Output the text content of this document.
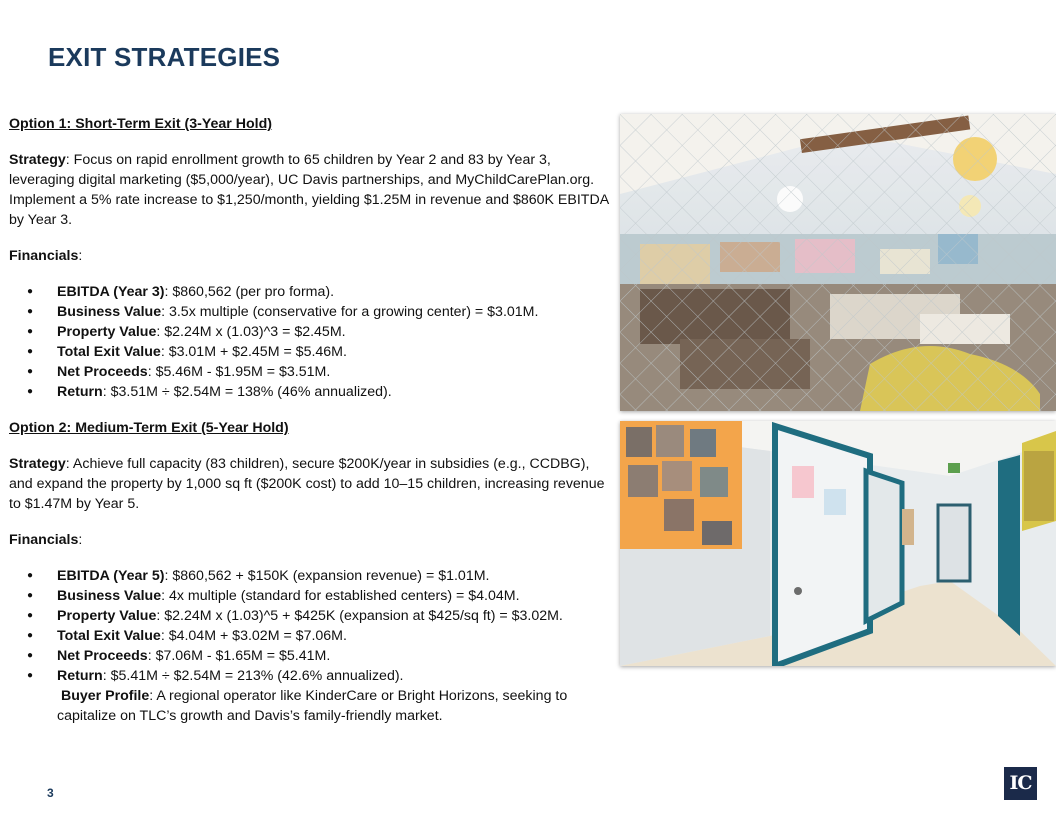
EXIT STRATEGIES

Option 1: Short-Term Exit (3-Year Hold)

Strategy: Focus on rapid enrollment growth to 65 children by Year 2 and 83 by Year 3, leveraging digital marketing ($5,000/year), UC Davis partnerships, and MyChildCarePlan.org. Implement a 5% rate increase to $1,250/month, yielding $1.25M in revenue and $860K EBITDA by Year 3.

Financials:

● EBITDA (Year 3): $860,562 (per pro forma).
● Business Value: 3.5x multiple (conservative for a growing center) = $3.01M.
● Property Value: $2.24M x (1.03)^3 = $2.45M.
● Total Exit Value: $3.01M + $2.45M = $5.46M.
● Net Proceeds: $5.46M - $1.95M = $3.51M.
● Return: $3.51M ÷ $2.54M = 138% (46% annualized).

Option 2: Medium-Term Exit (5-Year Hold)

Strategy: Achieve full capacity (83 children), secure $200K/year in subsidies (e.g., CCDBG), and expand the property by 1,000 sq ft ($200K cost) to add 10–15 children, increasing revenue to $1.47M by Year 5.

Financials:

● EBITDA (Year 5): $860,562 + $150K (expansion revenue) = $1.01M.
● Business Value: 4x multiple (standard for established centers) = $4.04M.
● Property Value: $2.24M x (1.03)^5 + $425K (expansion at $425/sq ft) = $3.02M.
● Total Exit Value: $4.04M + $3.02M = $7.06M.
● Net Proceeds: $7.06M - $1.65M = $5.41M.
● Return: $5.41M ÷ $2.54M = 213% (42.6% annualized).

Buyer Profile: A regional operator like KinderCare or Bright Horizons, seeking to capitalize on TLC’s growth and Davis’s family-friendly market.

3	IC
